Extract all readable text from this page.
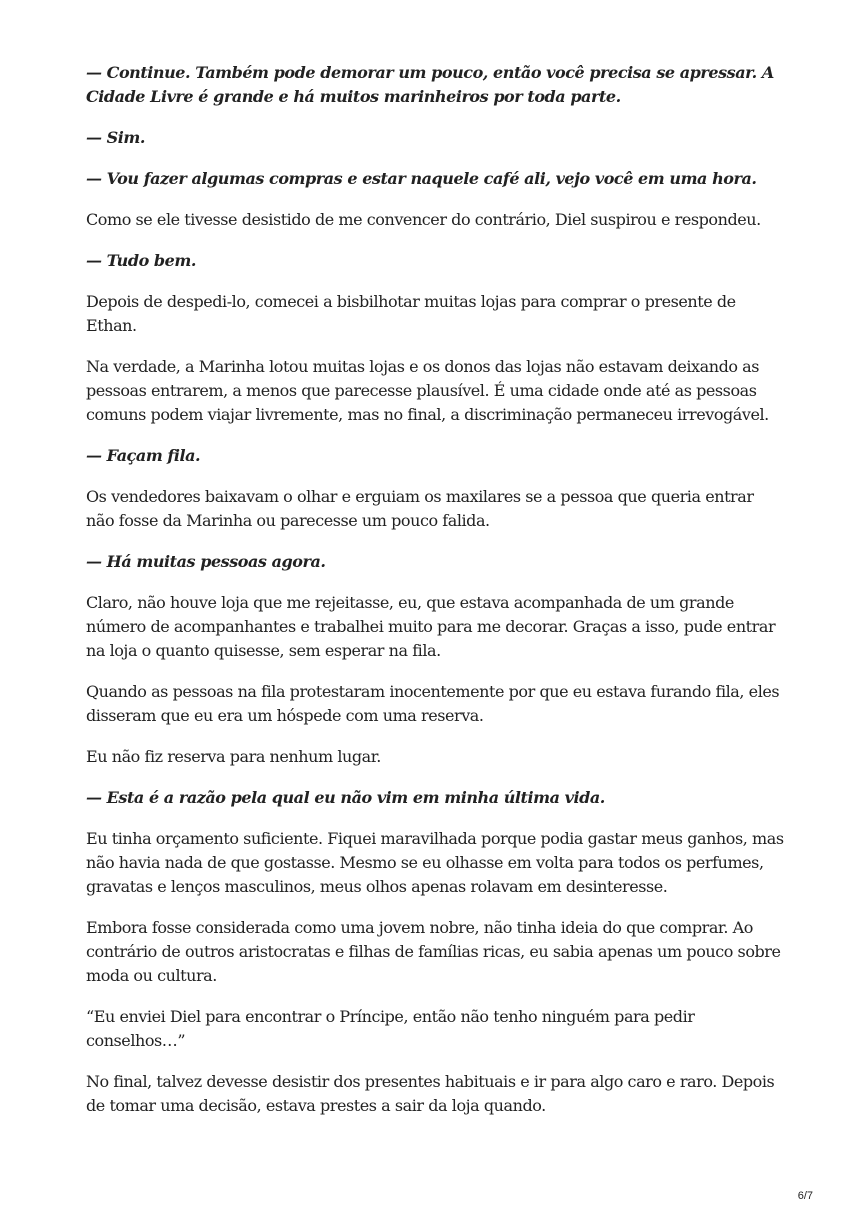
— Continue. Também pode demorar um pouco, então você precisa se apressar. A Cidade Livre é grande e há muitos marinheiros por toda parte.

— Sim.

— Vou fazer algumas compras e estar naquele café ali, vejo você em uma hora.

Como se ele tivesse desistido de me convencer do contrário, Diel suspirou e respondeu.

— Tudo bem.

Depois de despedi-lo, comecei a bisbilhotar muitas lojas para comprar o presente de Ethan.

Na verdade, a Marinha lotou muitas lojas e os donos das lojas não estavam deixando as pessoas entrarem, a menos que parecesse plausível. É uma cidade onde até as pessoas comuns podem viajar livremente, mas no final, a discriminação permaneceu irrevogável.

— Façam fila.

Os vendedores baixavam o olhar e erguiam os maxilares se a pessoa que queria entrar não fosse da Marinha ou parecesse um pouco falida.

— Há muitas pessoas agora.

Claro, não houve loja que me rejeitasse, eu, que estava acompanhada de um grande número de acompanhantes e trabalhei muito para me decorar. Graças a isso, pude entrar na loja o quanto quisesse, sem esperar na fila.

Quando as pessoas na fila protestaram inocentemente por que eu estava furando fila, eles disseram que eu era um hóspede com uma reserva.

Eu não fiz reserva para nenhum lugar.

— Esta é a razão pela qual eu não vim em minha última vida.

Eu tinha orçamento suficiente. Fiquei maravilhada porque podia gastar meus ganhos, mas não havia nada de que gostasse. Mesmo se eu olhasse em volta para todos os perfumes, gravatas e lenços masculinos, meus olhos apenas rolavam em desinteresse.

Embora fosse considerada como uma jovem nobre, não tinha ideia do que comprar. Ao contrário de outros aristocratas e filhas de famílias ricas, eu sabia apenas um pouco sobre moda ou cultura.

“Eu enviei Diel para encontrar o Príncipe, então não tenho ninguém para pedir conselhos…”

No final, talvez devesse desistir dos presentes habituais e ir para algo caro e raro. Depois de tomar uma decisão, estava prestes a sair da loja quando.

6/7
